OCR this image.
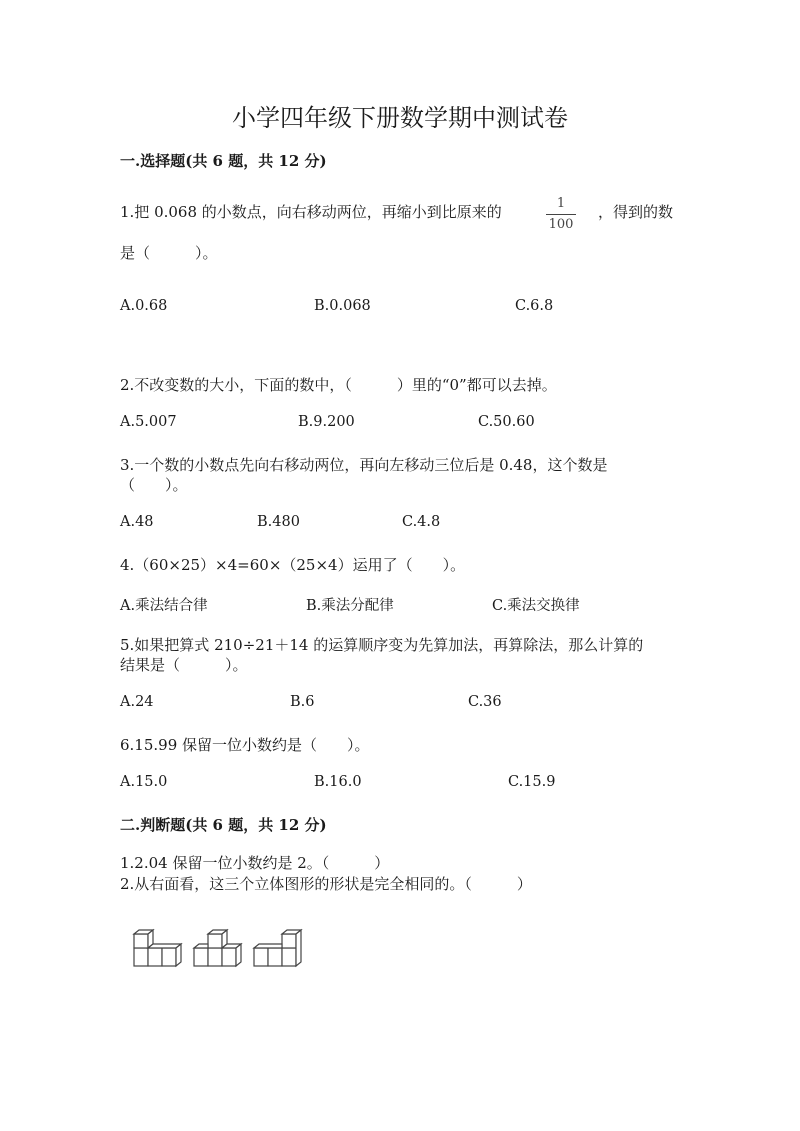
小学四年级下册数学期中测试卷
一.选择题(共 6 题，共 12 分)
1.把 0.068 的小数点，向右移动两位，再缩小到比原来的	1
100
，得到的数
是（　　　）。
A.0.68	B.0.068	C.6.8
2.不改变数的大小，下面的数中，（　　　）里的“0”都可以去掉。
A.5.007	B.9.200	C.50.60
3.一个数的小数点先向右移动两位，再向左移动三位后是 0.48，这个数是
（　　）。
A.48	B.480	C.4.8
4.（60×25）×4=60×（25×4）运用了（　　）。
A.乘法结合律	B.乘法分配律	C.乘法交换律
5.如果把算式 210÷21＋14 的运算顺序变为先算加法，再算除法，那么计算的
结果是（　　　）。
A.24	B.6	C.36
6.15.99 保留一位小数约是（　　）。
A.15.0	B.16.0	C.15.9
二.判断题(共 6 题，共 12 分)
1.2.04 保留一位小数约是 2。（　　　）
2.从右面看，这三个立体图形的形状是完全相同的。（　　　）
